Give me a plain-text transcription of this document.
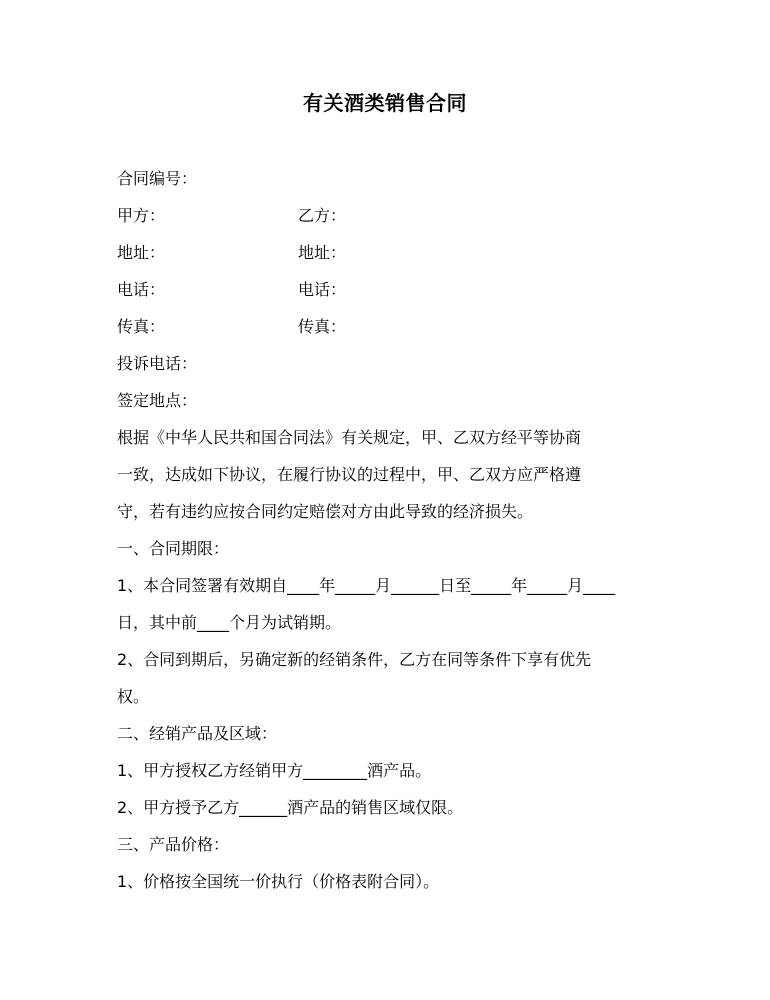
有关酒类销售合同
合同编号：
甲方：	乙方：
地址：	地址：
电话：	电话：
传真：	传真：
投诉电话：
签定地点：
根据《中华人民共和国合同法》有关规定，甲、乙双方经平等协商
一致，达成如下协议，在履行协议的过程中，甲、乙双方应严格遵
守，若有违约应按合同约定赔偿对方由此导致的经济损失。
一、合同期限：
1、本合同签署有效期自____年_____月______日至_____年_____月____
日，其中前____个月为试销期。
2、合同到期后，另确定新的经销条件，乙方在同等条件下享有优先
权。
二、经销产品及区域：
1、甲方授权乙方经销甲方________酒产品。
2、甲方授予乙方______酒产品的销售区域仅限。
三、产品价格：
1、价格按全国统一价执行（价格表附合同）。
